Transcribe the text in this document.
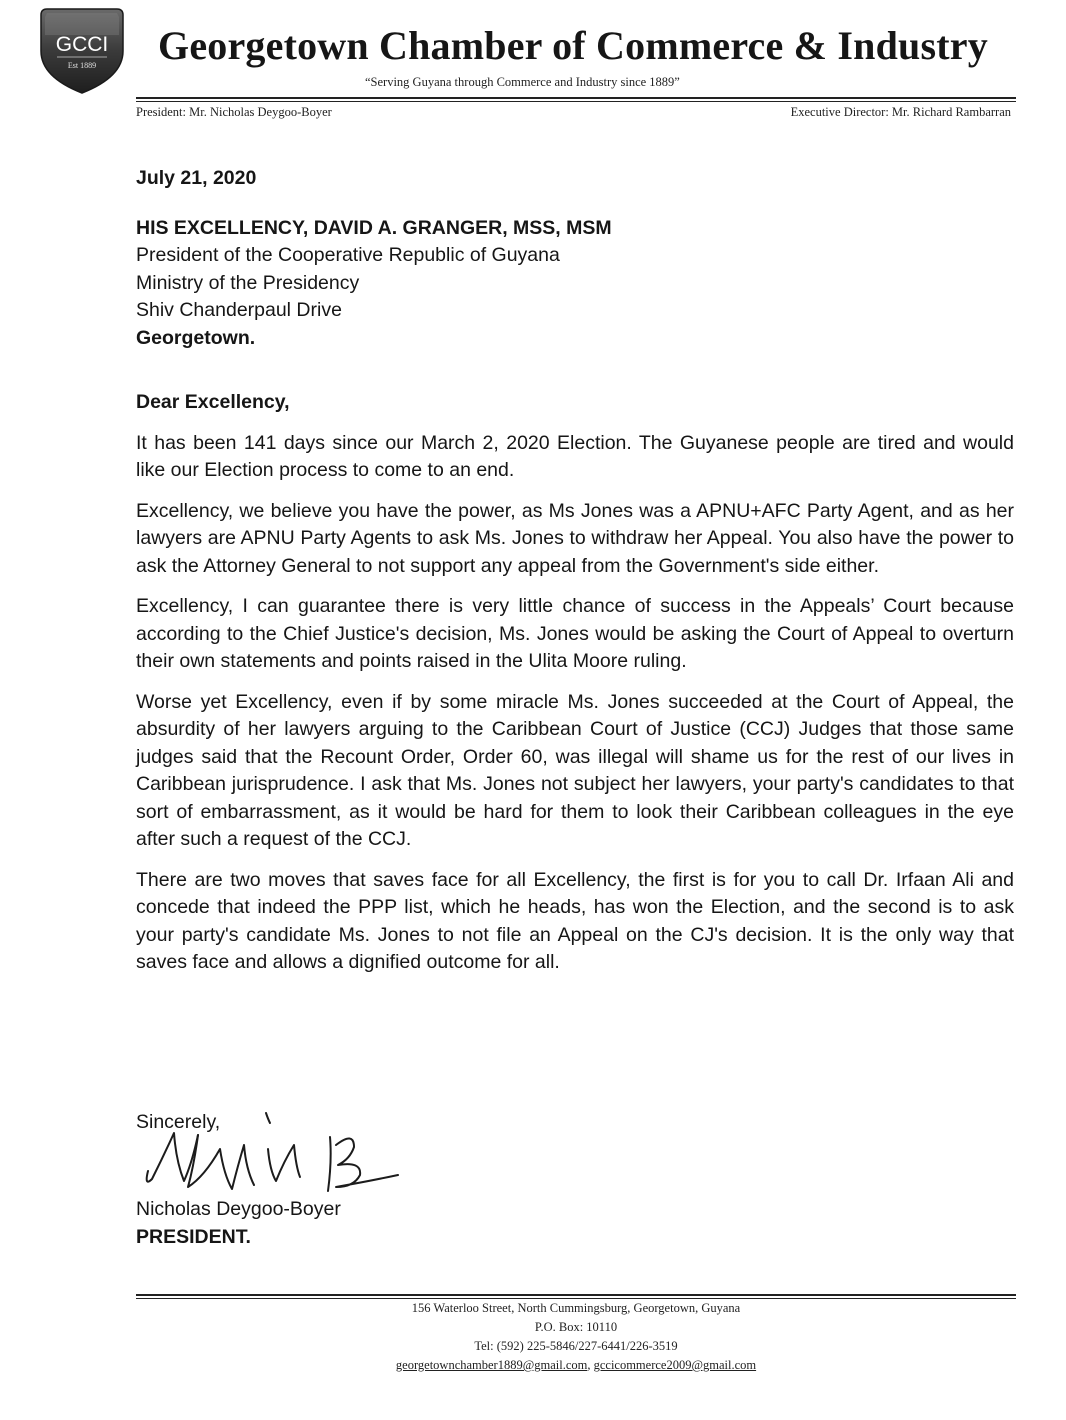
GCCI
Est 1889 Georgetown Chamber of Commerce & Industry
“Serving Guyana through Commerce and Industry since 1889”
President: Mr. Nicholas Deygoo-Boyer	Executive Director: Mr. Richard Rambarran

July 21, 2020

HIS EXCELLENCY, DAVID A. GRANGER, MSS, MSM

President of the Cooperative Republic of Guyana

Ministry of the Presidency

Shiv Chanderpaul Drive

Georgetown.

Dear Excellency,

It has been 141 days since our March 2, 2020 Election. The Guyanese people are tired and would like our Election process to come to an end.

Excellency, we believe you have the power, as Ms Jones was a APNU+AFC Party Agent, and as her lawyers are APNU Party Agents to ask Ms. Jones to withdraw her Appeal. You also have the power to ask the Attorney General to not support any appeal from the Government's side either.

Excellency, I can guarantee there is very little chance of success in the Appeals’ Court because according to the Chief Justice's decision, Ms. Jones would be asking the Court of Appeal to overturn their own statements and points raised in the Ulita Moore ruling.

Worse yet Excellency, even if by some miracle Ms. Jones succeeded at the Court of Appeal, the absurdity of her lawyers arguing to the Caribbean Court of Justice (CCJ) Judges that those same judges said that the Recount Order, Order 60, was illegal will shame us for the rest of our lives in Caribbean jurisprudence. I ask that Ms. Jones not subject her lawyers, your party's candidates to that sort of embarrassment, as it would be hard for them to look their Caribbean colleagues in the eye after such a request of the CCJ.

There are two moves that saves face for all Excellency, the first is for you to call Dr. Irfaan Ali and concede that indeed the PPP list, which he heads, has won the Election, and the second is to ask your party's candidate Ms. Jones to not file an Appeal on the CJ's decision. It is the only way that saves face and allows a dignified outcome for all.

Sincerely,

Nicholas Deygoo-Boyer

PRESIDENT.

156 Waterloo Street, North Cummingsburg, Georgetown, Guyana
P.O. Box: 10110
Tel: (592) 225-5846/227-6441/226-3519
georgetownchamber1889@gmail.com, gccicommerce2009@gmail.com
